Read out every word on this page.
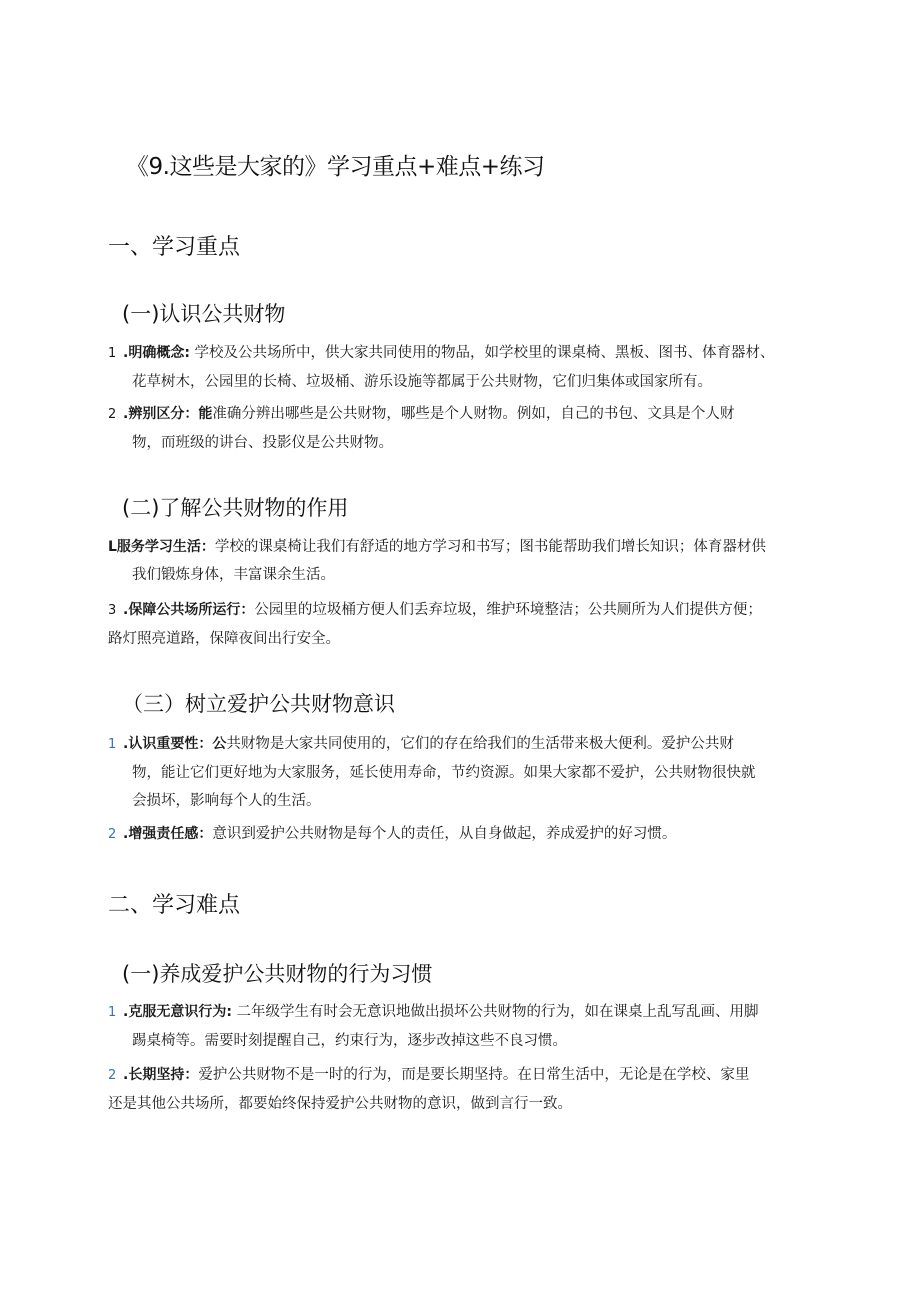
《9.这些是大家的》学习重点+难点+练习
一、学习重点
(一)认识公共财物
1 .明确概念: 学校及公共场所中，供大家共同使用的物品，如学校里的课桌椅、黑板、图书、体育器材、
花草树木，公园里的长椅、垃圾桶、游乐设施等都属于公共财物，它们归集体或国家所有。
2 .辨别区分：能准确分辨出哪些是公共财物，哪些是个人财物。例如，自己的书包、文具是个人财
物，而班级的讲台、投影仪是公共财物。
(二)了解公共财物的作用
L服务学习生活：学校的课桌椅让我们有舒适的地方学习和书写；图书能帮助我们增长知识；体育器材供
我们锻炼身体，丰富课余生活。
3 .保障公共场所运行：公园里的垃圾桶方便人们丢弃垃圾，维护环境整洁；公共厕所为人们提供方便；
路灯照亮道路，保障夜间出行安全。
（三）树立爱护公共财物意识
1 .认识重要性：公共财物是大家共同使用的，它们的存在给我们的生活带来极大便利。爱护公共财
物，能让它们更好地为大家服务，延长使用寿命，节约资源。如果大家都不爱护，公共财物很快就
会损坏，影响每个人的生活。
2 .增强责任感：意识到爱护公共财物是每个人的责任，从自身做起，养成爱护的好习惯。
二、学习难点
(一)养成爱护公共财物的行为习惯
1 .克服无意识行为: 二年级学生有时会无意识地做出损坏公共财物的行为，如在课桌上乱写乱画、用脚
踢桌椅等。需要时刻提醒自己，约束行为，逐步改掉这些不良习惯。
2 .长期坚持：爱护公共财物不是一时的行为，而是要长期坚持。在日常生活中，无论是在学校、家里
还是其他公共场所，都要始终保持爱护公共财物的意识，做到言行一致。
